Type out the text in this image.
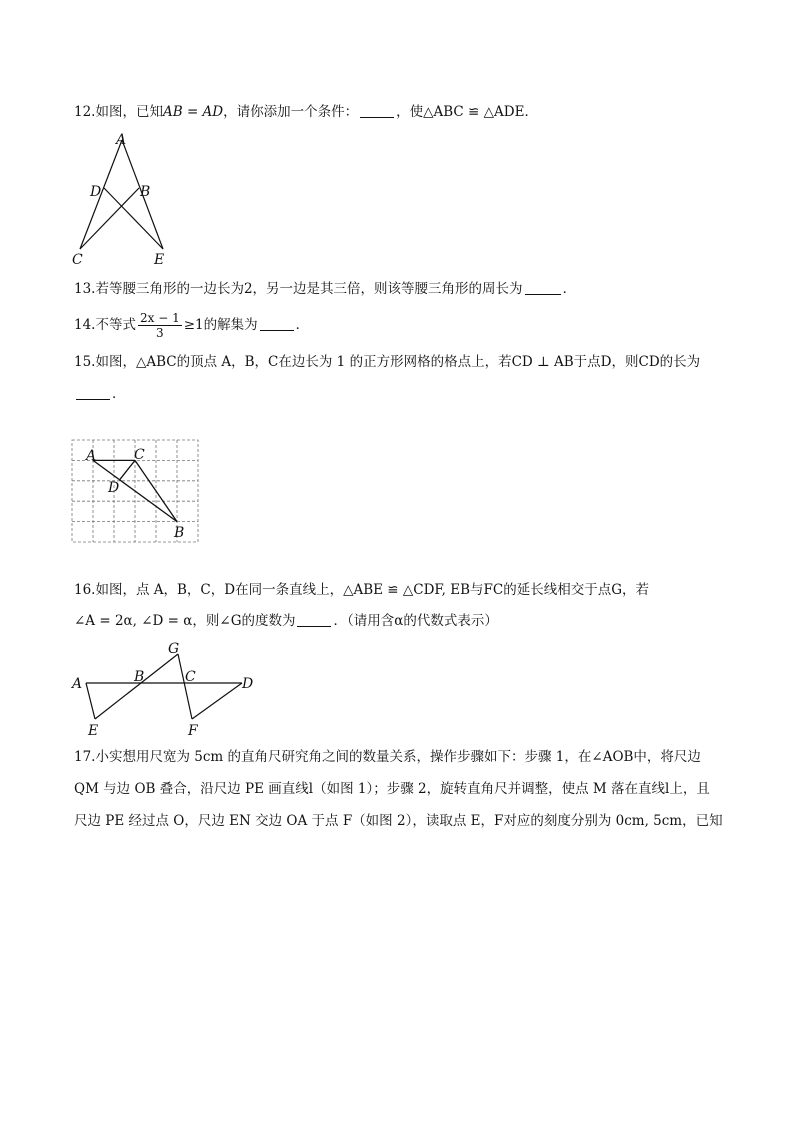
12.如图，已知AB = AD，请你添加一个条件：	，使△ABC ≌ △ADE．
A
D	B
C	E
13.若等腰三角形的一边长为2，另一边是其三倍，则该等腰三角形的周长为	．
14.不等式 $\frac{2x - 1}{3} \ge 1$的解集为	．
15.如图，△ABC的顶点 A，B，C在边长为 1 的正方形网格的格点上，若CD ⊥ AB于点D，则CD的长为
．
A	C
D
B
16.如图，点 A，B，C，D在同一条直线上，△ABE ≌ △CDF, EB与FC的延长线相交于点G，若
∠A = 2α, ∠D = α，则∠G的度数为	．（请用含α的代数式表示）
G
A	B	C	D
E	F
17.小实想用尺宽为 5cm 的直角尺研究角之间的数量关系，操作步骤如下：步骤 1，在∠AOB中，将尺边
QM 与边 OB 叠合，沿尺边 PE 画直线l（如图 1）；步骤 2，旋转直角尺并调整，使点 M 落在直线l上，且
尺边 PE 经过点 O，尺边 EN 交边 OA 于点 F（如图 2），读取点 E，F对应的刻度分别为 0cm, 5cm，已知
